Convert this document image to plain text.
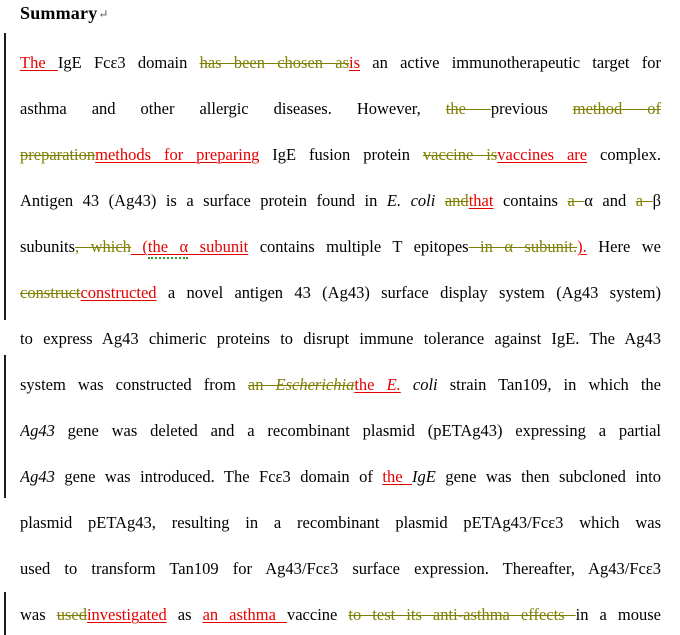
Summary↵
The IgE Fcε3 domain has been chosen asis an active immunotherapeutic target for
asthma and other allergic diseases. However, the previous method of
preparationmethods for preparing IgE fusion protein vaccine isvaccines are complex.
Antigen 43 (Ag43) is a surface protein found in E. coli andthat contains a α and a β
subunits, which (the α subunit contains multiple T epitopes in α subunit.). Here we
constructconstructed a novel antigen 43 (Ag43) surface display system (Ag43 system)
to express Ag43 chimeric proteins to disrupt immune tolerance against IgE. The Ag43
system was constructed from an Escherichiathe E. coli strain Tan109, in which the
Ag43 gene was deleted and a recombinant plasmid (pETAg43) expressing a partial
Ag43 gene was introduced. The Fcε3 domain of the IgE gene was then subcloned into
plasmid pETAg43, resulting in a recombinant plasmid pETAg43/Fcε3 which was
used to transform Tan109 for Ag43/Fcε3 surface expression. Thereafter, Ag43/Fcε3
was usedinvestigated as an asthma vaccine to test its anti-asthma effects in a mouse
